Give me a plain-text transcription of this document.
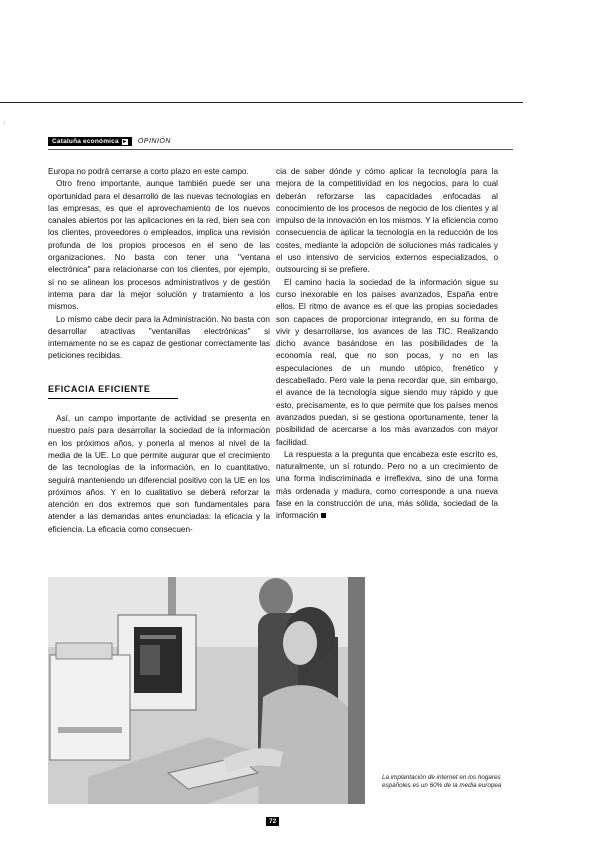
›
Cataluña económica ▸ OPINIÓN

Europa no podrá cerrarse a corto plazo en este campo.

Otro freno importante, aunque también puede ser una oportunidad para el desarrollo de las nuevas tecnologías en las empresas, es que el aprovechamiento de los nuevos canales abiertos por las aplicaciones en la red, bien sea con los clientes, proveedores o empleados, implica una revisión profunda de los propios procesos en el seno de las organizaciones. No basta con tener una "ventana electrónica" para relacionarse con los clientes, por ejemplo, si no se alinean los procesos administrativos y de gestión interna para dar la mejor solución y tratamiento a los mismos.

Lo mismo cabe decir para la Administración. No basta con desarrollar atractivas "ventanillas electrónicas" si internamente no se es capaz de gestionar correctamente las peticiones recibidas.

EFICACIA EFICIENTE

Así, un campo importante de actividad se presenta en nuestro país para desarrollar la sociedad de la información en los próximos años, y ponerla al menos al nivel de la media de la UE. Lo que permite augurar que el crecimiento de las tecnologías de la información, en lo cuantitativo, seguirá manteniendo un diferencial positivo con la UE en los próximos años. Y en lo cualitativo se deberá reforzar la atención en dos extremos que son fundamentales para atender a las demandas antes enunciadas: la eficacia y la eficiencia. La eficacia como consecuen-

cia de saber dónde y cómo aplicar la tecnología para la mejora de la competitividad en los negocios, para lo cual deberán reforzarse las capacidades enfocadas al conocimiento de los procesos de negocio de los clientes y al impulso de la innovación en los mismos. Y la eficiencia como consecuencia de aplicar la tecnología en la reducción de los costes, mediante la adopción de soluciones más radicales y el uso intensivo de servicios externos especializados, o outsourcing si se prefiere.

El camino hacia la sociedad de la información sigue su curso inexorable en los países avanzados, España entre ellos. El ritmo de avance es el que las propias sociedades son capaces de proporcionar integrando, en su forma de vivir y desarrollarse, los avances de las TIC. Realizando dicho avance basándose en las posibilidades de la economía real, que no son pocas, y no en las especulaciones de un mundo utópico, frenético y descabellado. Pero vale la pena recordar que, sin embargo, el avance de la tecnología sigue siendo muy rápido y que esto, precisamente, es lo que permite que los países menos avanzados puedan, si se gestiona oportunamente, tener la posibilidad de acercarse a los más avanzados con mayor facilidad.

La respuesta a la pregunta que encabeza este escrito es, naturalmente, un sí rotundo. Pero no a un crecimiento de una forma indiscriminada e irreflexiva, sino de una forma más ordenada y madura, como corresponde a una nueva fase en la construcción de una, más sólida, sociedad de la información

La implantación de internet en los hogares españoles es un 60% de la media europea
72
